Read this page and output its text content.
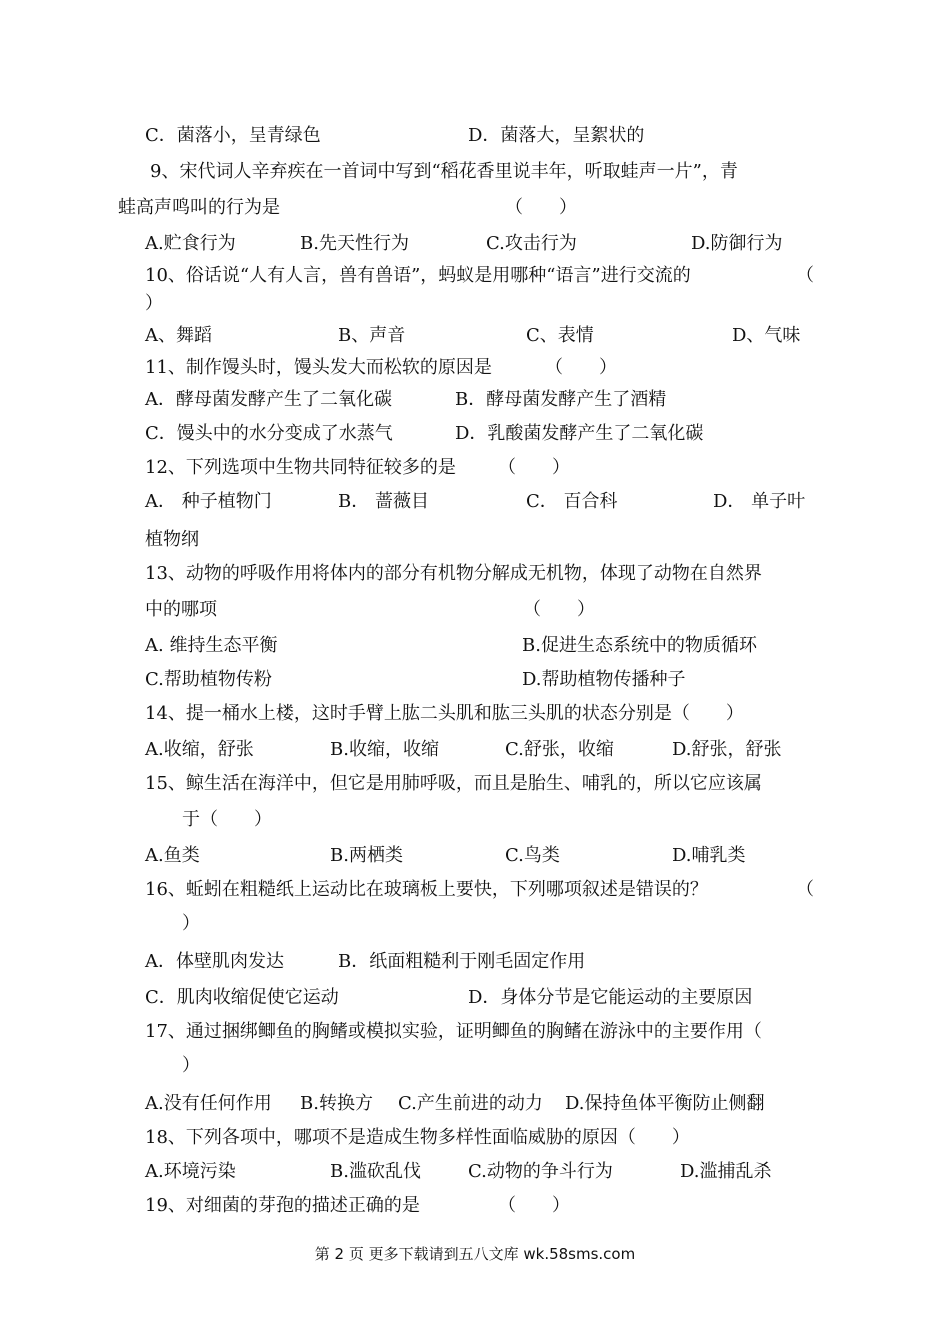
C．菌落小，呈青绿色	D．菌落大，呈絮状的
9、宋代词人辛弃疾在一首词中写到“稻花香里说丰年，听取蛙声一片”，青
蛙高声鸣叫的行为是	（　　）
A.贮食行为	B.先天性行为	C.攻击行为	D.防御行为
10、俗话说“人有人言，兽有兽语”，蚂蚁是用哪种“语言”进行交流的	（
）
A、舞蹈	B、声音	C、表情	D、气味
11、制作馒头时，馒头发大而松软的原因是	（　　）
A．酵母菌发酵产生了二氧化碳	B．酵母菌发酵产生了酒精
C．馒头中的水分变成了水蒸气	D．乳酸菌发酵产生了二氧化碳
12、下列选项中生物共同特征较多的是 （　　）
A． 种子植物门	B． 蔷薇目	C． 百合科	D． 单子叶
植物纲
13、动物的呼吸作用将体内的部分有机物分解成无机物，体现了动物在自然界
中的哪项	（　　）
A. 维持生态平衡	B.促进生态系统中的物质循环
C.帮助植物传粉	D.帮助植物传播种子
14、提一桶水上楼，这时手臂上肱二头肌和肱三头肌的状态分别是（　　）
A.收缩，舒张	B.收缩，收缩	C.舒张，收缩	D.舒张，舒张
15、鲸生活在海洋中，但它是用肺呼吸，而且是胎生、哺乳的，所以它应该属
于（　　）
A.鱼类	B.两栖类	C.鸟类	D.哺乳类
16、蚯蚓在粗糙纸上运动比在玻璃板上要快，下列哪项叙述是错误的？	（
）
A．体壁肌肉发达	B．纸面粗糙利于刚毛固定作用
C．肌肉收缩促使它运动	D．身体分节是它能运动的主要原因
17、通过捆绑鲫鱼的胸鳍或模拟实验，证明鲫鱼的胸鳍在游泳中的主要作用（
）
A.没有任何作用 B.转换方 C.产生前进的动力 D.保持鱼体平衡防止侧翻
18、下列各项中，哪项不是造成生物多样性面临威胁的原因（　　）
A.环境污染	B.滥砍乱伐	C.动物的争斗行为	D.滥捕乱杀
19、对细菌的芽孢的描述正确的是	（　　）
第 2 页 更多下载请到五八文库 wk.58sms.com
